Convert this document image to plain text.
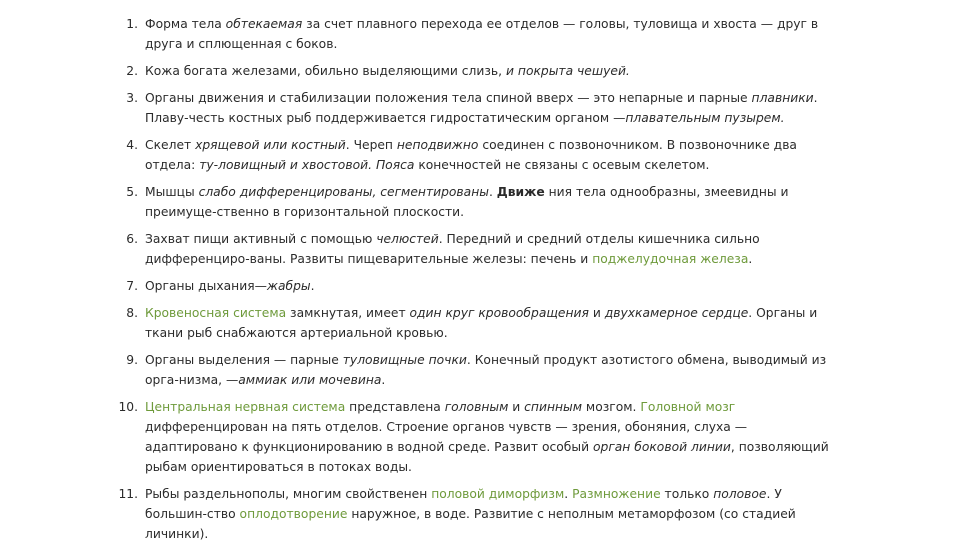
1. Форма тела обтекаемая за счет плавного перехода ее отделов — головы, туловища и хвоста — друг в друга и сплющенная с боков.
2. Кожа богата железами, обильно выделяющими слизь, и покрыта чешуей.
3. Органы движения и стабилизации положения тела спиной вверх — это непарные и парные плавники. Плаву-честь костных рыб поддерживается гидростатическим органом —плавательным пузырем.
4. Скелет хрящевой или костный. Череп неподвижно соединен с позвоночником. В позвоночнике два отдела: ту-ловищный и хвостовой. Пояса конечностей не связаны с осевым скелетом.
5. Мышцы слабо дифференцированы, сегментированы. Движе ния тела однообразны, змеевидны и преимуще-ственно в горизонтальной плоскости.
6. Захват пищи активный с помощью челюстей. Передний и средний отделы кишечника сильно дифференциро-ваны. Развиты пищеварительные железы: печень и поджелудочная железа.
7. Органы дыхания—жабры.
8. Кровеносная система замкнутая, имеет один круг кровообращения и двухкамерное сердце. Органы и ткани рыб снабжаются артериальной кровью.
9. Органы выделения — парные туловищные почки. Конечный продукт азотистого обмена, выводимый из орга-низма, —аммиак или мочевина.
10. Центральная нервная система представлена головным и спинным мозгом. Головной мозг дифференцирован на пять отделов. Строение органов чувств — зрения, обоняния, слуха — адаптировано к функционированию в водной среде. Развит особый орган боковой линии, позволяющий рыбам ориентироваться в потоках воды.
11. Рыбы раздельнополы, многим свойственен половой диморфизм. Размножение только половое. У большин-ство оплодотворение наружное, в воде. Развитие с неполным метаморфозом (со стадией личинки).
